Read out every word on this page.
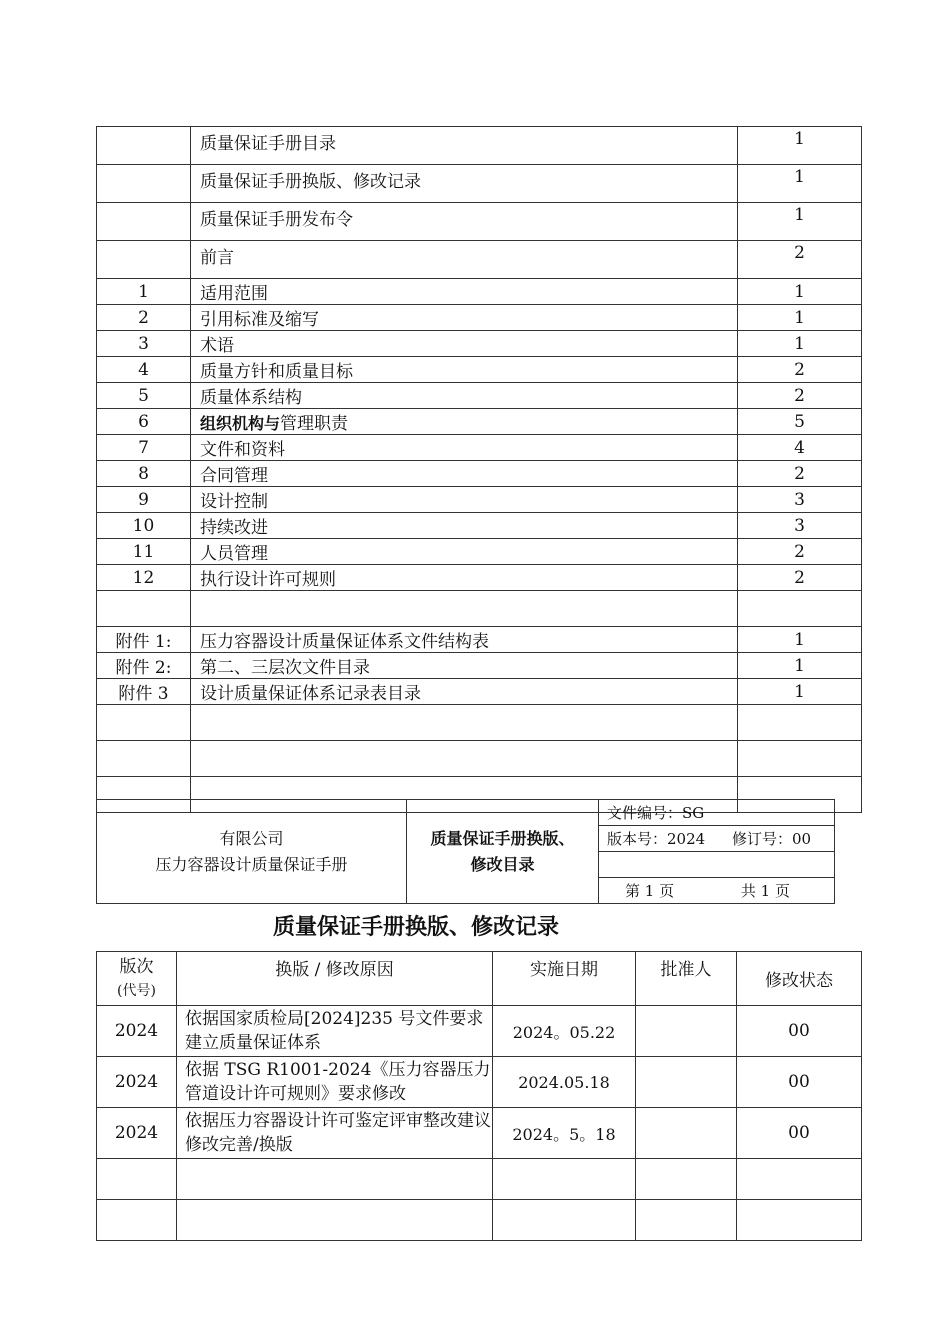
	质量保证手册目录	1
	质量保证手册换版、修改记录	1
	质量保证手册发布令	1
	前言	2
1	适用范围	1
2	引用标准及缩写	1
3	术语	1
4	质量方针和质量目标	2
5	质量体系结构	2
6	组织机构与管理职责	5
7	文件和资料	4
8	合同管理	2
9	设计控制	3
10	持续改进	3
11	人员管理	2
12	执行设计许可规则	2

附件 1:	压力容器设计质量保证体系文件结构表	1
附件 2:	第二、三层次文件目录	1
附件 3	设计质量保证体系记录表目录	1

有限公司
压力容器设计质量保证手册

质量保证手册换版、
修改目录
	文件编号：SG
版本号：2024 修订号：00

第 1 页	共 1 页
质量保证手册换版、修改记录
版次
(代号)	换版 / 修改原因	实施日期	批准人	修改状态
2024	依据国家质检局[2024]235 号文件要求建立质量保证体系	2024。05.22		00
2024	依据 TSG R1001-2024《压力容器压力管道设计许可规则》要求修改	2024.05.18		00
2024	依据压力容器设计许可鉴定评审整改建议修改完善/换版	2024。5。18		00
